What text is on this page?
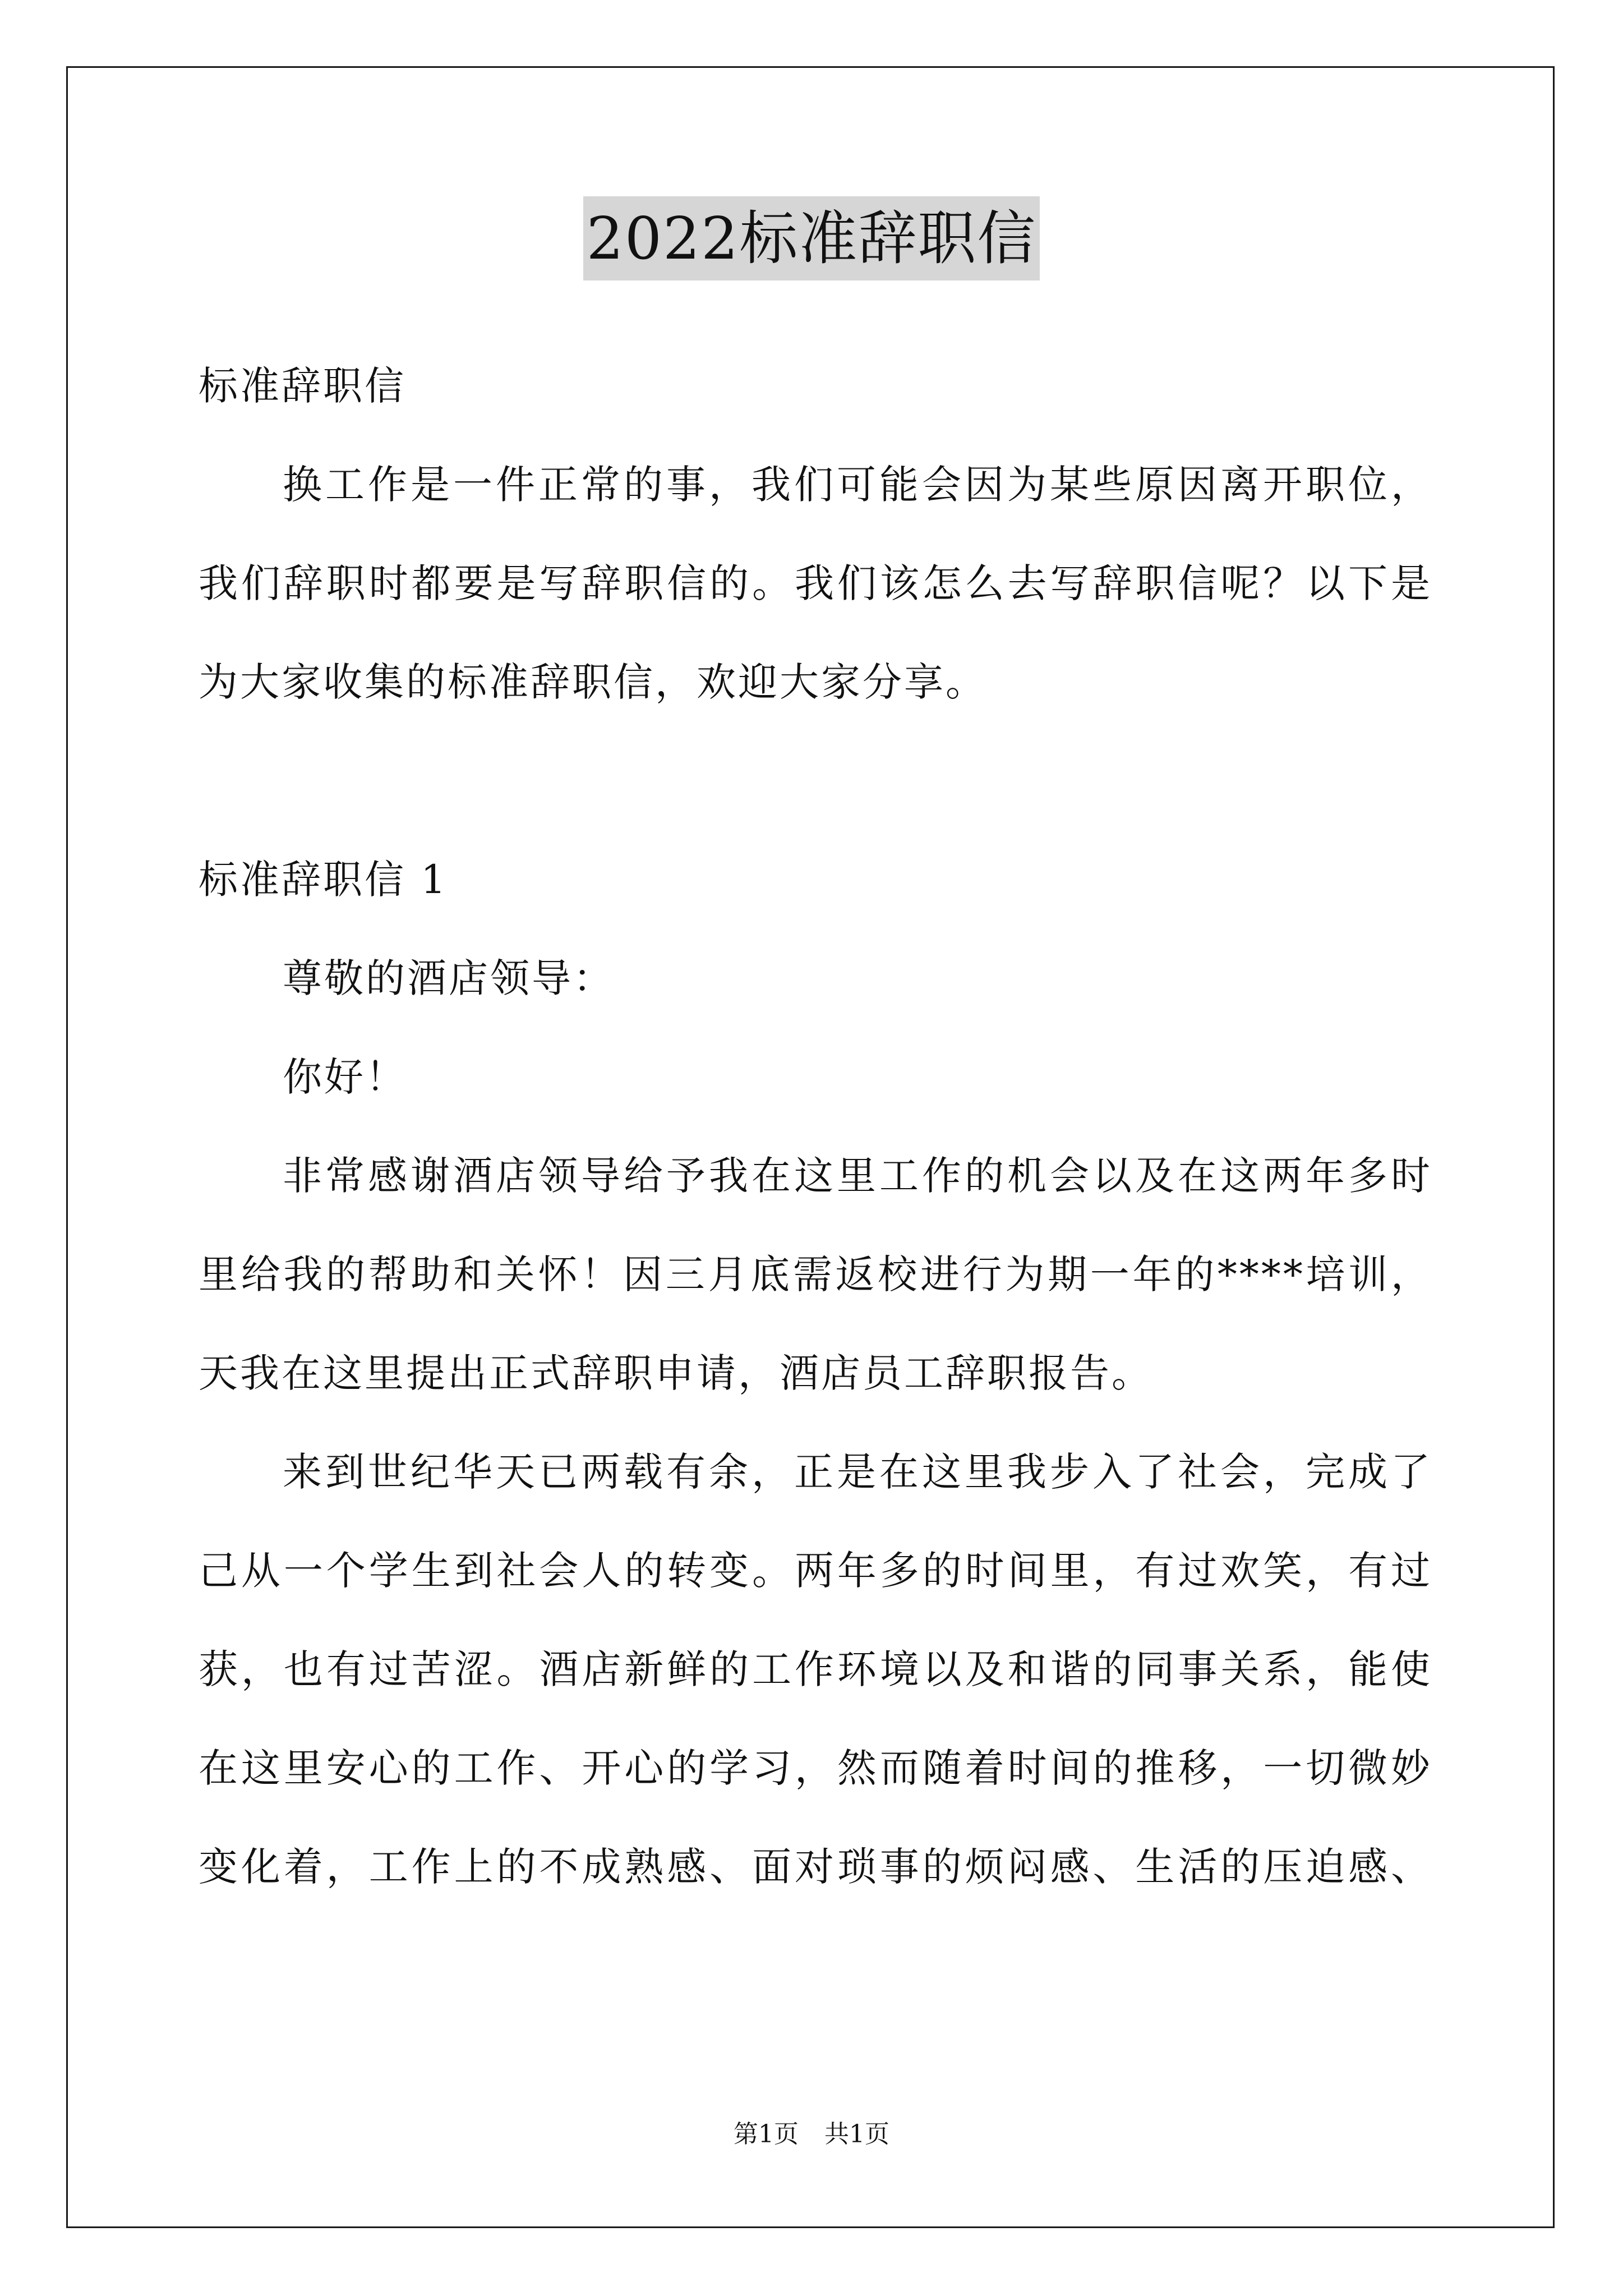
2022标准辞职信
标准辞职信
换工作是一件正常的事，我们可能会因为某些原因离开职位，
我们辞职时都要是写辞职信的。我们该怎么去写辞职信呢？以下是
为大家收集的标准辞职信，欢迎大家分享。
标准辞职信 1
尊敬的酒店领导：
你好！
非常感谢酒店领导给予我在这里工作的机会以及在这两年多时
里给我的帮助和关怀！因三月底需返校进行为期一年的****培训，
天我在这里提出正式辞职申请，酒店员工辞职报告。
来到世纪华天已两载有余，正是在这里我步入了社会，完成了
己从一个学生到社会人的转变。两年多的时间里，有过欢笑，有过
获，也有过苦涩。酒店新鲜的工作环境以及和谐的同事关系，能使
在这里安心的工作、开心的学习，然而随着时间的推移，一切微妙
变化着，工作上的不成熟感、面对琐事的烦闷感、生活的压迫感、
第1页 共1页
